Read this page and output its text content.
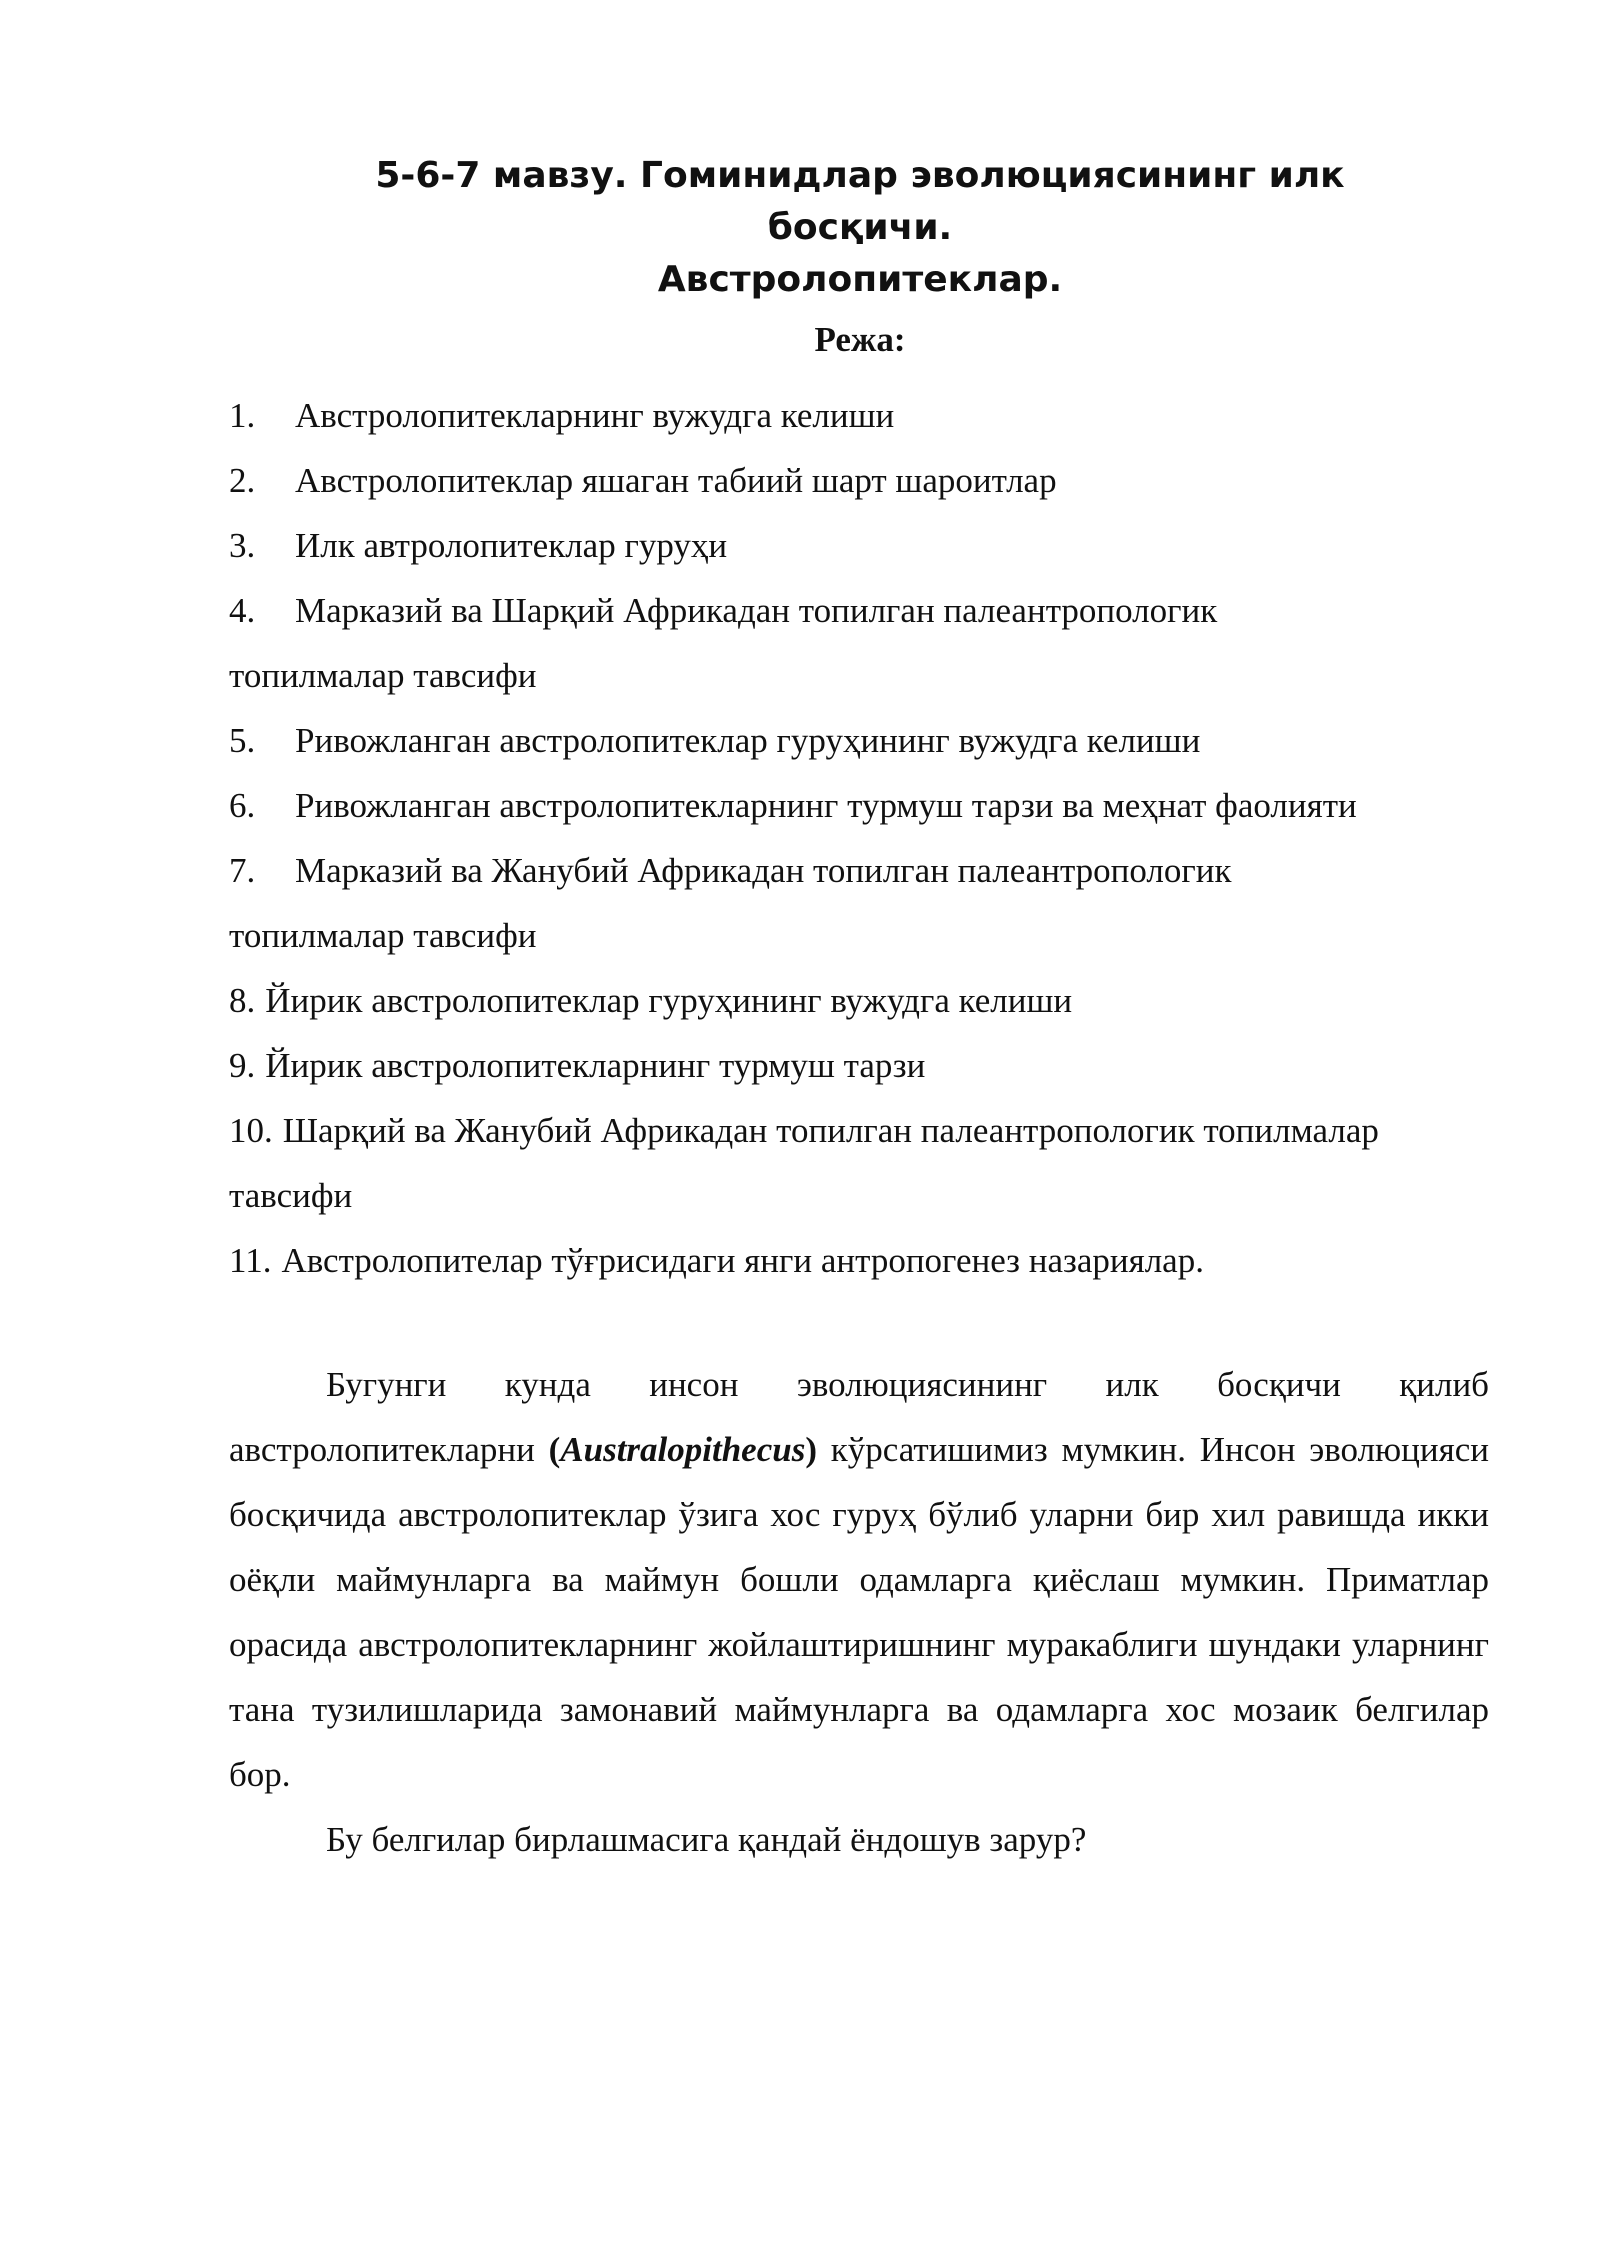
5-6-7 мавзу. Гоминидлар эволюциясининг илк босқичи.
Австролопитеклар.
Режа:
1. Австролопитекларнинг вужудга келиши
2. Австролопитеклар яшаган табиий шарт шароитлар
3. Илк автролопитеклар гуруҳи
4. Марказий ва Шарқий Африкадан топилган палеантропологик
топилмалар тавсифи
5. Ривожланган австролопитеклар гуруҳининг вужудга келиши
6. Ривожланган австролопитекларнинг турмуш тарзи ва меҳнат фаолияти
7. Марказий ва Жанубий Африкадан топилган палеантропологик
топилмалар тавсифи
8. Йирик австролопитеклар гуруҳининг вужудга келиши
9. Йирик австролопитекларнинг турмуш тарзи
10. Шарқий ва Жанубий Африкадан топилган палеантропологик топилмалар
тавсифи
11. Австролопителар тўғрисидаги янги антропогенез назариялар.

Бугунги кунда инсон эволюциясининг илк босқичи қилиб австролопитекларни (Australopithecus) кўрсатишимиз мумкин. Инсон эволюцияси босқичида австролопитеклар ўзига хос гуруҳ бўлиб уларни бир хил равишда икки оёқли маймунларга ва маймун бошли одамларга қиёслаш мумкин. Приматлар орасида австролопитекларнинг жойлаштиришнинг муракаблиги шундаки уларнинг тана тузилишларида замонавий маймунларга ва одамларга хос мозаик белгилар бор.

Бу белгилар бирлашмасига қандай ёндошув зарур?
